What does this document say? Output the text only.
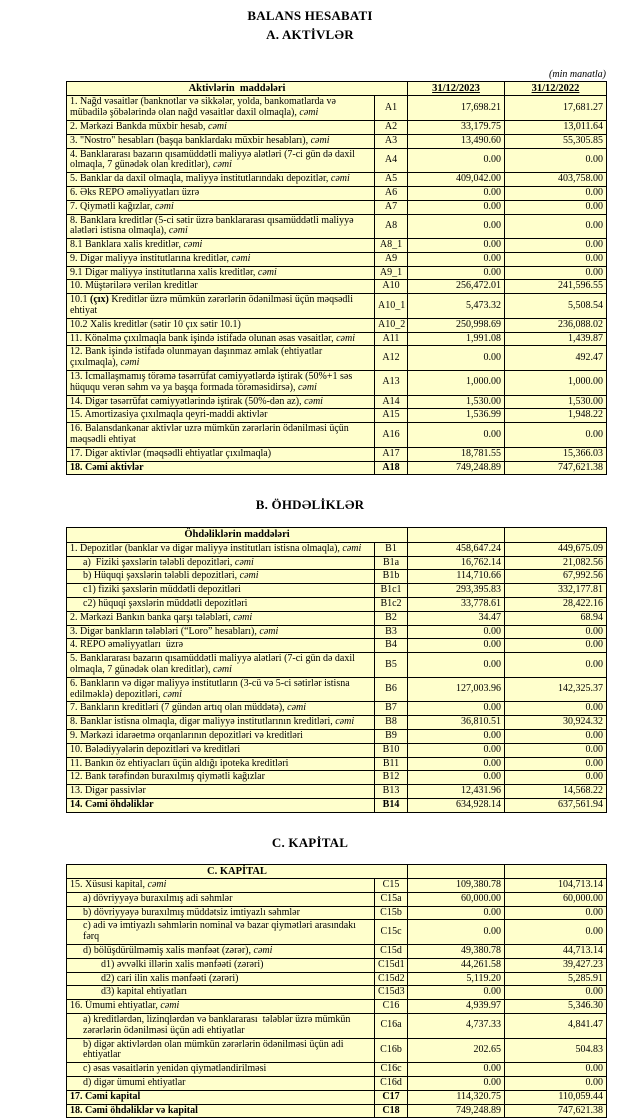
BALANS HESABATI
A. AKTİVLƏR
(min manatla)
Aktivlərin  maddələri		31/12/2023	31/12/2022
1. Nağd vəsaitlər (banknotlar və sikkələr, yolda, bankomatlarda və mübadilə şöbələrində olan nağd vəsaitlər daxil olmaqla), cəmi	A1	17,698.21	17,681.27
2. Mərkəzi Bankda müxbir hesab, cəmi	A2	33,179.75	13,011.64
3. "Nostro" hesabları (başqa banklardakı müxbir hesabları), cəmi	A3	13,490.60	55,305.85
4. Banklararası bazarın qısamüddətli maliyyə alətləri (7-ci gün də daxil olmaqla, 7 günədək olan kreditlər), cəmi	A4	0.00	0.00
5. Banklar da daxil olmaqla, maliyyə institutlarındakı depozitlər, cəmi	A5	409,042.00	403,758.00
6. Əks REPO əməliyyatları üzrə	A6	0.00	0.00
7. Qiymətli kağızlar, cəmi	A7	0.00	0.00
8. Banklara kreditlər (5-ci sətir üzrə banklararası qısamüddətli maliyyə alətləri istisna olmaqla), cəmi	A8	0.00	0.00
8.1 Banklara xalis kreditlər, cəmi	A8_1	0.00	0.00
9. Digər maliyyə institutlarına kreditlər, cəmi	A9	0.00	0.00
9.1 Digər maliyyə institutlarına xalis kreditlər, cəmi	A9_1	0.00	0.00
10. Müştərilərə verilən kreditlər	A10	256,472.01	241,596.55
10.1 (çıx) Kreditlər üzrə mümkün zərərlərin ödənilməsi üçün məqsədli ehtiyat	A10_1	5,473.32	5,508.54
10.2 Xalis kreditlər (sətir 10 çıx sətir 10.1)	A10_2	250,998.69	236,088.02
11. Könəlmə çıxılmaqla bank işində istifadə olunan əsas vəsaitlər, cəmi	A11	1,991.08	1,439.87
12. Bank işində istifadə olunmayan daşınmaz əmlak (ehtiyatlar çıxılmaqla), cəmi	A12	0.00	492.47
13. İcmallaşmamış törəmə təsərrüfat cəmiyyətlərdə iştirak (50%+1 səs hüququ verən səhm və ya başqa formada törəməsidirsə), cəmi	A13	1,000.00	1,000.00
14. Digər təsərrüfat cəmiyyətlərində iştirak (50%-dən az), cəmi	A14	1,530.00	1,530.00
15. Amortizasiya çıxılmaqla qeyri-maddi aktivlər	A15	1,536.99	1,948.22
16. Balansdankənar aktivlər uzrə mümkün zərərlərin ödənilməsi üçün məqsədli ehtiyat	A16	0.00	0.00
17. Digər aktivlər (məqsədli ehtiyatlar çıxılmaqla)	A17	18,781.55	15,366.03
18. Cəmi aktivlər	A18	749,248.89	747,621.38
B. ÖHDƏLİKLƏR
Öhdəliklərin maddələri			
1. Depozitlər (banklar və digər maliyyə institutları istisna olmaqla), cəmi	B1	458,647.24	449,675.09
a)  Fiziki şəxslərin tələbli depozitləri, cəmi	B1a	16,762.14	21,082.56
b) Hüquqi şəxslərin tələbli depozitləri, cəmi	B1b	114,710.66	67,992.56
c1) fiziki şəxslərin müddətli depozitləri	B1c1	293,395.83	332,177.81
c2) hüquqi şəxslərin müddətli depozitləri	B1c2	33,778.61	28,422.16
2. Mərkəzi Bankın banka qarşı tələbləri, cəmi	B2	34.47	68.94
3. Digər bankların tələbləri (“Loro” hesabları), cəmi	B3	0.00	0.00
4. REPO əməliyyatları  üzrə	B4	0.00	0.00
5. Banklararası bazarın qısamüddətli maliyyə alətləri (7-ci gün də daxil olmaqla, 7 günədək olan kreditlər), cəmi	B5	0.00	0.00
6. Bankların və digər maliyyə institutların (3-cü və 5-ci sətirlər istisna edilməklə) depozitləri, cəmi	B6	127,003.96	142,325.37
7. Bankların kreditləri (7 gündən artıq olan müddətə), cəmi	B7	0.00	0.00
8. Banklar istisna olmaqla, digər maliyyə institutlarının kreditləri, cəmi	B8	36,810.51	30,924.32
9. Mərkəzi idarəetmə orqanlarının depozitləri və kreditləri	B9	0.00	0.00
10. Bələdiyyələrin depozitləri və kreditləri	B10	0.00	0.00
11. Bankın öz ehtiyacları üçün aldığı ipoteka kreditləri	B11	0.00	0.00
12. Bank tərəfindən buraxılmış qiymətli kağızlar	B12	0.00	0.00
13. Digər passivlər	B13	12,431.96	14,568.22
14. Cəmi öhdəliklər	B14	634,928.14	637,561.94
C. KAPİTAL
C. KAPİTAL			
15. Xüsusi kapital, cəmi	C15	109,380.78	104,713.14
a) dövriyyəyə buraxılmış adi səhmlər	C15a	60,000.00	60,000.00
b) dövriyyəyə buraxılmış müddətsiz imtiyazlı səhmlər	C15b	0.00	0.00
c) adi və imtiyazlı səhmlərin nominal və bazar qiymətləri arasındakı fərq	C15c	0.00	0.00
d) bölüşdürülməmiş xalis mənfəət (zərər), cəmi	C15d	49,380.78	44,713.14
d1) əvvəlki illərin xalis mənfəəti (zərəri)	C15d1	44,261.58	39,427.23
d2) cari ilin xalis mənfəəti (zərəri)	C15d2	5,119.20	5,285.91
d3) kapital ehtiyatları	C15d3	0.00	0.00
16. Ümumi ehtiyatlar, cəmi	C16	4,939.97	5,346.30
a) kreditlərdən, lizinqlərdən və banklararası  tələblər üzrə mümkün zərərlərin ödənilməsi üçün adi ehtiyatlar	C16a	4,737.33	4,841.47
b) digər aktivlərdən olan mümkün zərərlərin ödənilməsi üçün adi ehtiyatlar	C16b	202.65	504.83
c) əsas vəsaitlərin yenidən qiymətləndirilməsi	C16c	0.00	0.00
d) digər ümumi ehtiyatlar	C16d	0.00	0.00
17. Cəmi kapital	C17	114,320.75	110,059.44
18. Cəmi öhdəliklər və kapital	C18	749,248.89	747,621.38
